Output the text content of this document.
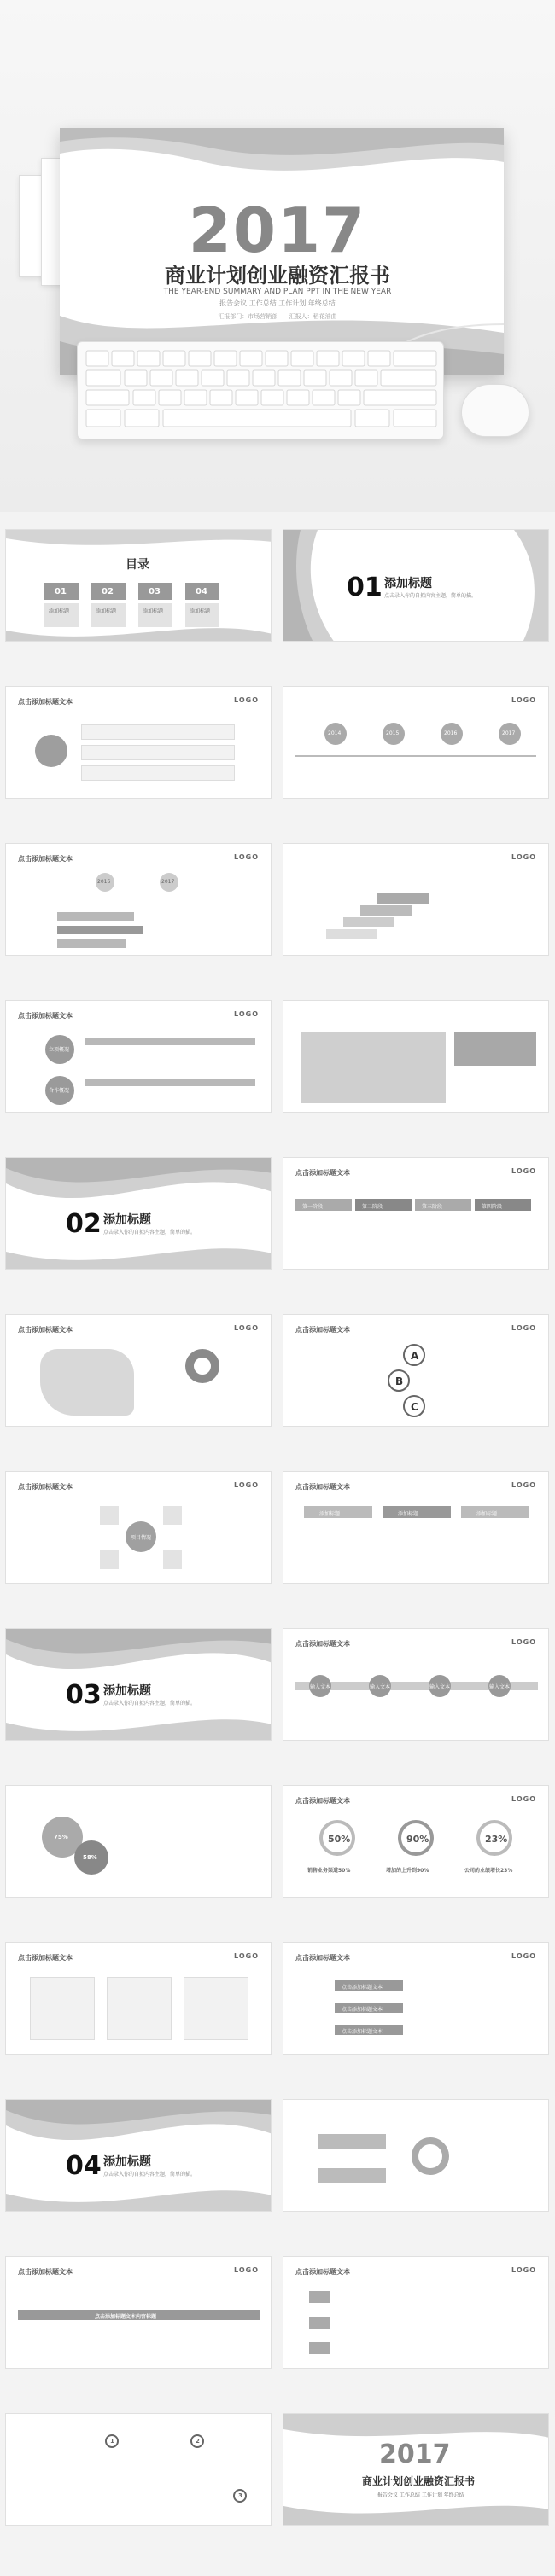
2017
商业计划创业融资汇报书
THE YEAR-END SUMMARY AND PLAN PPT IN THE NEW YEAR
报告会议 工作总结 工作计划 年终总结
汇报部门：市场营销部 汇报人：稻花油曲
目录
01	02	03	04
添加标题	添加标题	添加标题	添加标题
01 添加标题
点击录入你的自拟内容主题，简单的描。
点击添加标题文本	LOGO	LOGO
2014	2015	2016	2017
点击添加标题文本	LOGO
2016	2017
LOGO
点击添加标题文本	LOGO
立项概况
合作概况
02 添加标题
点击录入你的自拟内容主题，简单的描。
点击添加标题文本	LOGO
第一阶段	第二阶段	第三阶段	第四阶段
点击添加标题文本	LOGO	点击添加标题文本	LOGO
A
B
C
点击添加标题文本	LOGO
项目情况
点击添加标题文本	LOGO
添加标题	添加标题	添加标题
03 添加标题
点击录入你的自拟内容主题，简单的描。
点击添加标题文本	LOGO
输入文本	输入文本	输入文本	输入文本
75%
58%
点击添加标题文本	LOGO
50%	90%	23%
销售业务渠道50%	增加的上升到90%	公司的业绩增长23%
点击添加标题文本	LOGO	点击添加标题文本	LOGO
点击添加标题文本
点击添加标题文本
点击添加标题文本
04 添加标题
点击录入你的自拟内容主题，简单的描。
点击添加标题文本	LOGO
点击添加标题文本内容标题
点击添加标题文本	LOGO
1	2
3
2017
商业计划创业融资汇报书
报告会议 工作总结 工作计划 年终总结
